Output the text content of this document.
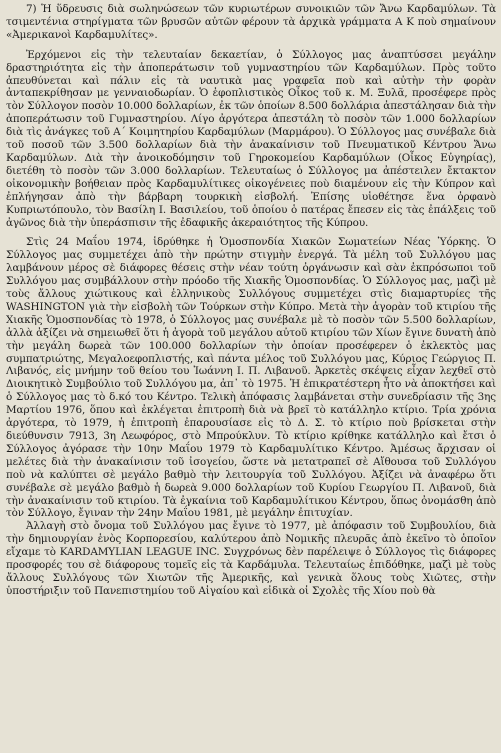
7) Ἡ ὕδρευσις διὰ σωληνώσεων τῶν κυριωτέρων συνοικιῶν τῶν Ἄνω Καρδαμύλων. Τὰ τσιμεντένια στηρίγματα τῶν βρυσῶν αὐτῶν φέρουν τὰ ἀρχικὰ γράμματα Α Κ ποὺ σημαίνουν «Ἀμερικανοὶ Καρδαμυλίτες».

Ἐρχόμενοι εἰς τὴν τελευταίαν δεκαετίαν, ὁ Σύλλογος μας ἀναπτύσσει μεγάλην δραστηριότητα εἰς τὴν ἀποπεράτωσιν τοῦ γυμναστηρίου τῶν Καρδαμύλων. Πρὸς τοῦτο ἀπευθύνεται καὶ πάλιν εἰς τὰ ναυτικὰ μας γραφεῖα ποὺ καὶ αὐτὴν τὴν φορὰν ἀνταπεκρίθησαν με γενναιοδωρίαν. Ὁ ἐφοπλιστικὸς Οἶκος τοῦ κ. Μ. Ξυλᾶ, προσέφερε πρὸς τὸν Σύλλογον ποσὸν 10.000 δολλαρίων, ἐκ τῶν ὁποίων 8.500 δολλάρια ἀπεστάλησαν διὰ τὴν ἀποπεράτωσιν τοῦ Γυμναστηρίου. Λίγο ἀργότερα ἀπεστάλη τὸ ποσὸν τῶν 1.000 δολλαρίων διὰ τὶς ἀνάγκες τοῦ Α΄ Κοιμητηρίου Καρδαμύλων (Μαρμάρου). Ὁ Σύλλογος μας συνέβαλε διὰ τοῦ ποσοῦ τῶν 3.500 δολλαρίων διὰ τὴν ἀνακαίνισιν τοῦ Πνευματικοῦ Κέντρου Ἄνω Καρδαμύλων. Διὰ τὴν ἀνοικοδόμησιν τοῦ Γηροκομείου Καρδαμύλων (Οἶκος Εὐγηρίας), διετέθη τὸ ποσὸν τῶν 3.000 δολλαρίων. Τελευταίως ὁ Σύλλογος μα ἀπέστειλεν ἔκτακτον οἰκονομικὴν βοήθειαν πρὸς Καρδαμυλίτικες οἰκογένειες ποὺ διαμένουν εἰς τὴν Κύπρον καὶ ἐπλήγησαν ἀπὸ τὴν βάρβαρη τουρκικὴ εἰσβολή. Ἐπίσης υἱοθέτησε ἕνα ὀρφανὸ Κυπριωτόπουλο, τὸν Βασίλη Ι. Βασιλείου, τοῦ ὁποίου ὁ πατέρας ἔπεσεν εἰς τὰς ἐπάλξεις τοῦ ἀγῶνος διὰ τὴν ὑπεράσπισιν τῆς ἐδαφικῆς ἀκεραιότητος τῆς Κύπρου.

Στὶς 24 Μαΐου 1974, ἱδρύθηκε ἡ Ὁμοσπονδία Χιακῶν Σωματείων Νέας Ὑόρκης. Ὁ Σύλλογος μας συμμετέχει ἀπὸ τὴν πρώτην στιγμὴν ἐνεργά. Τὰ μέλη τοῦ Συλλόγου μας λαμβάνουν μέρος σὲ διάφορες θέσεις στὴν νέαν τούτη ὀργάνωσιν καὶ σὰν ἐκπρόσωποι τοῦ Συλλόγου μας συμβάλλουν στὴν πρόοδο τῆς Χιακῆς Ὁμοσπονδίας. Ὁ Σύλλογος μας, μαζὶ μὲ τοὺς ἄλλους χιώτικους καὶ ἑλληνικοὺς Συλλόγους συμμετέχει στὶς διαμαρτυρίες τῆς WASHINGTON γιὰ τὴν εἰσβολὴ τῶν Τούρκων στὴν Κύπρο. Μετὰ τὴν ἀγορὰν τοῦ κτιρίου τῆς Χιακῆς Ὁμοσπονδίας τὸ 1978, ὁ Σύλλογος μας συνέβαλε μὲ τὸ ποσὸν τῶν 5.500 δολλαρίων, ἀλλὰ ἀξίζει νὰ σημειωθεῖ ὅτι ἡ ἀγορὰ τοῦ μεγάλου αὐτοῦ κτιρίου τῶν Χίων ἔγινε δυνατὴ ἀπὸ τὴν μεγάλη δωρεὰ τῶν 100.000 δολλαρίων τὴν ὁποίαν προσέφερεν ὁ ἐκλεκτὸς μας συμπατριώτης, Μεγαλοεφοπλιστής, καὶ πάντα μέλος τοῦ Συλλόγου μας, Κύριος Γεώργιος Π. Λιβανός, εἰς μνήμην τοῦ θείου του Ἰωάννη Ι. Π. Λιβανοῦ. Ἀρκετὲς σκέψεις εἶχαν λεχθεῖ στὸ Διοικητικὸ Συμβούλιο τοῦ Συλλόγου μα, ἀπ᾿ τὸ 1975. Ἡ ἐπικρατέστερη ἦτο νὰ ἀποκτήσει καὶ ὁ Σύλλογος μας τὸ δ.κό του Κέντρο. Τελικὴ ἀπόφασις λαμβάνεται στὴν συνεδρίασιν τῆς 3ης Μαρτίου 1976, ὅπου καὶ ἐκλέγεται ἐπιτροπὴ διὰ νὰ βρεῖ τὸ κατάλληλο κτίριο. Τρία χρόνια ἀργότερα, τὸ 1979, ἡ ἐπιτροπὴ ἐπαρουσίασε εἰς τὸ Δ. Σ. τὸ κτίριο ποὺ βρίσκεται στὴν διεύθυνσιν 7913, 3η Λεωφόρος, στὸ Μπρούκλυν. Τὸ κτίριο κρίθηκε κατάλληλο καὶ ἔτσι ὁ Σύλλογος ἀγόρασε τὴν 10ην Μαΐου 1979 τὸ Καρδαμυλίτικο Κέντρο. Ἀμέσως ἄρχισαν οἱ μελέτες διὰ τὴν ἀνακαίνισιν τοῦ ἰσογείου, ὥστε νὰ μετατραπεῖ σὲ Αἴθουσα τοῦ Συλλόγου ποὺ νὰ καλύπτει σὲ μεγάλο βαθμὸ τὴν λειτουργία τοῦ Συλλόγου. Ἀξίζει νὰ ἀναφέρω ὅτι συνέβαλε σὲ μεγάλο βαθμὸ ἡ δωρεὰ 9.000 δολλαρίων τοῦ Κυρίου Γεωργίου Π. Λιβανοῦ, διὰ τὴν ἀνακαίνισιν τοῦ κτιρίου. Τὰ ἐγκαίνια τοῦ Καρδαμυλίτικου Κέντρου, ὅπως ὀνομάσθη ἀπὸ τὸν Σύλλογο, ἔγιναν τὴν 24ην Μαΐου 1981, μὲ μεγάλην ἐπιτυχίαν.

Ἀλλαγὴ στὸ ὄνομα τοῦ Συλλόγου μας ἔγινε τὸ 1977, μὲ ἀπόφασιν τοῦ Συμβουλίου, διὰ τὴν δημιουργίαν ἑνὸς Κορπορεσίου, καλύτερου ἀπὸ Νομικῆς πλευρᾶς ἀπὸ ἐκεῖνο τὸ ὁποῖον εἴχαμε τὸ KARDAMYLIAN LEAGUE INC. Συγχρόνως δὲν παρέλειψε ὁ Σύλλογος τὶς διάφορες προσφορές του σὲ διάφορους τομεῖς εἰς τὰ Καρδάμυλα. Τελευταίως ἐπιδόθηκε, μαζὶ μὲ τοὺς ἄλλους Συλλόγους τῶν Χιωτῶν τῆς Ἀμερικῆς, καὶ γενικὰ ὅλους τοὺς Χιῶτες, στὴν ὑποστήριξιν τοῦ Πανεπιστημίου τοῦ Αἰγαίου καὶ εἰδικὰ οἱ Σχολὲς τῆς Χίου ποὺ θὰ
